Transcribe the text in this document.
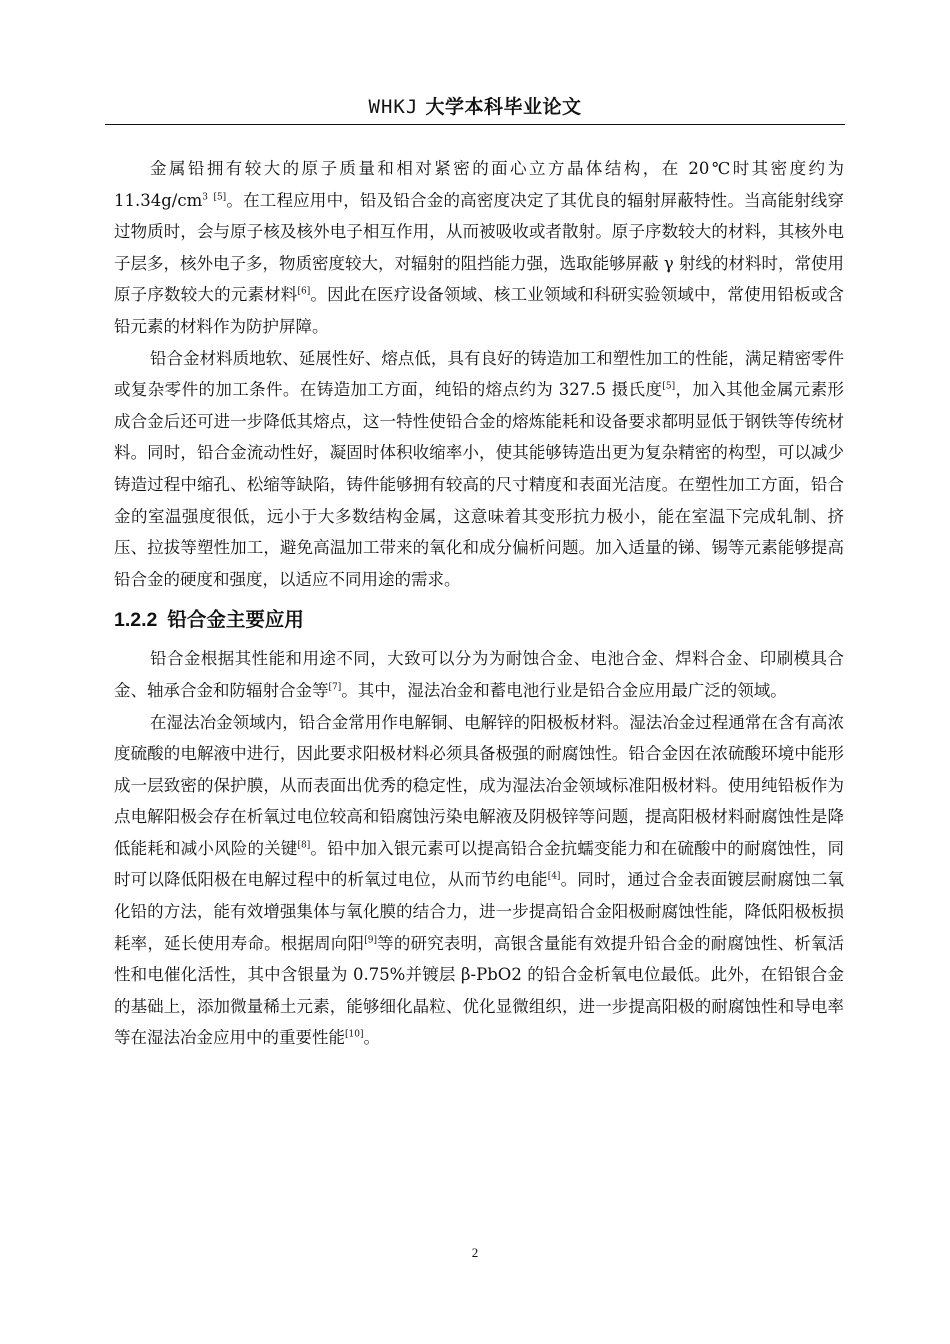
WHKJ 大学本科毕业论文

金属铅拥有较大的原子质量和相对紧密的面心立方晶体结构，在 20℃时其密度约为 $11.34g/cm^3$ [5]。在工程应用中，铅及铅合金的高密度决定了其优良的辐射屏蔽特性。当高能射线穿过物质时，会与原子核及核外电子相互作用，从而被吸收或者散射。原子序数较大的材料，其核外电子层多，核外电子多，物质密度较大，对辐射的阻挡能力强，选取能够屏蔽 γ 射线的材料时，常使用原子序数较大的元素材料[6]。因此在医疗设备领域、核工业领域和科研实验领域中，常使用铅板或含铅元素的材料作为防护屏障。

铅合金材料质地软、延展性好、熔点低，具有良好的铸造加工和塑性加工的性能，满足精密零件或复杂零件的加工条件。在铸造加工方面，纯铅的熔点约为 327.5 摄氏度[5]，加入其他金属元素形成合金后还可进一步降低其熔点，这一特性使铅合金的熔炼能耗和设备要求都明显低于钢铁等传统材料。同时，铅合金流动性好，凝固时体积收缩率小，使其能够铸造出更为复杂精密的构型，可以减少铸造过程中缩孔、松缩等缺陷，铸件能够拥有较高的尺寸精度和表面光洁度。在塑性加工方面，铅合金的室温强度很低，远小于大多数结构金属，这意味着其变形抗力极小，能在室温下完成轧制、挤压、拉拔等塑性加工，避免高温加工带来的氧化和成分偏析问题。加入适量的锑、锡等元素能够提高铅合金的硬度和强度，以适应不同用途的需求。

1.2.2 铅合金主要应用

铅合金根据其性能和用途不同，大致可以分为为耐蚀合金、电池合金、焊料合金、印刷模具合金、轴承合金和防辐射合金等[7]。其中，湿法冶金和蓄电池行业是铅合金应用最广泛的领域。

在湿法冶金领域内，铅合金常用作电解铜、电解锌的阳极板材料。湿法冶金过程通常在含有高浓度硫酸的电解液中进行，因此要求阳极材料必须具备极强的耐腐蚀性。铅合金因在浓硫酸环境中能形成一层致密的保护膜，从而表面出优秀的稳定性，成为湿法冶金领域标准阳极材料。使用纯铅板作为点电解阳极会存在析氧过电位较高和铅腐蚀污染电解液及阴极锌等问题，提高阳极材料耐腐蚀性是降低能耗和减小风险的关键[8]。铅中加入银元素可以提高铅合金抗蠕变能力和在硫酸中的耐腐蚀性，同时可以降低阳极在电解过程中的析氧过电位，从而节约电能[4]。同时，通过合金表面镀层耐腐蚀二氧化铅的方法，能有效增强集体与氧化膜的结合力，进一步提高铅合金阳极耐腐蚀性能，降低阳极板损耗率，延长使用寿命。根据周向阳[9]等的研究表明，高银含量能有效提升铅合金的耐腐蚀性、析氧活性和电催化活性，其中含银量为 0.75%并镀层 β-PbO2 的铅合金析氧电位最低。此外，在铅银合金的基础上，添加微量稀土元素，能够细化晶粒、优化显微组织，进一步提高阳极的耐腐蚀性和导电率等在湿法冶金应用中的重要性能[10]。

2
